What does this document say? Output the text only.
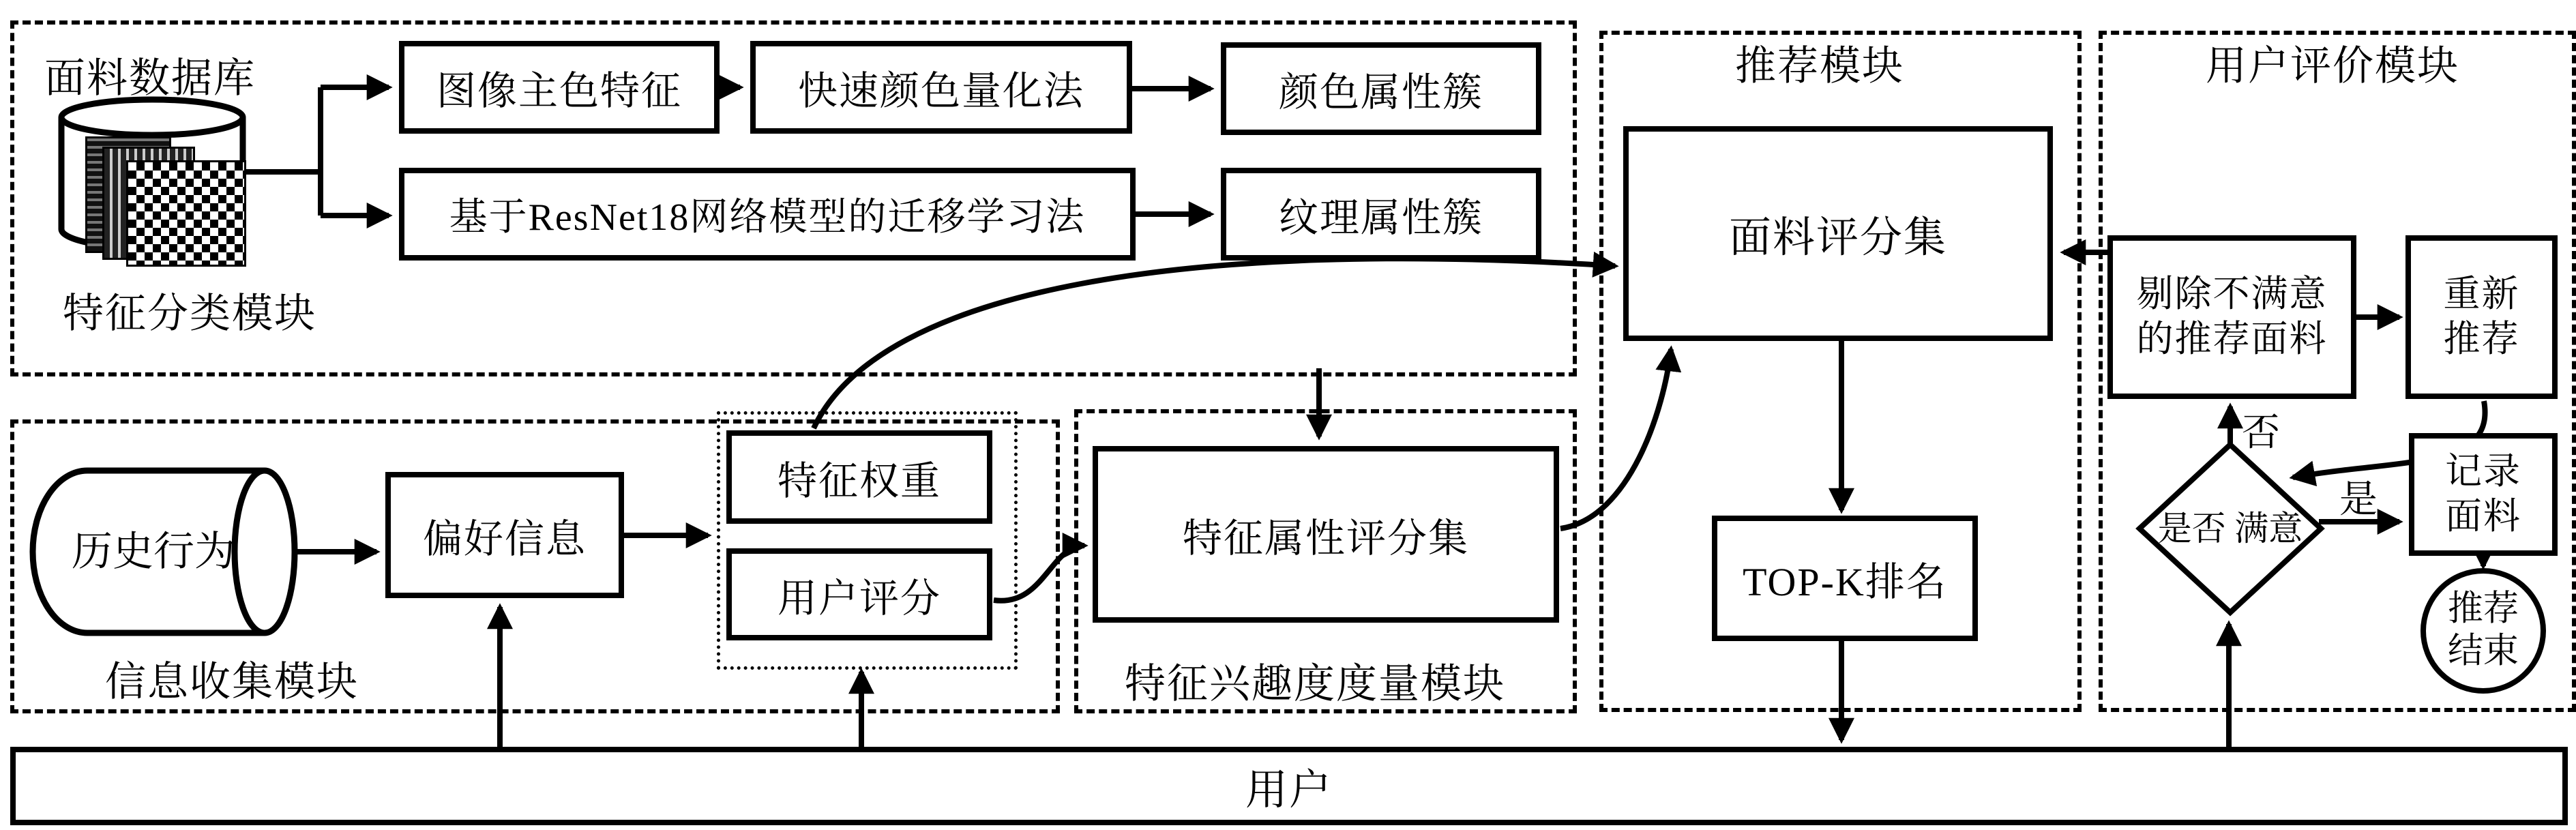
面料数据库
特征分类模块
信息收集模块	特征兴趣度度量模块
推荐模块	用户评价模块
图像主色特征	快速颜色量化法	颜色属性簇
基于ResNet18网络模型的迁移学习法	纹理属性簇
历史行为	偏好信息
特征权重
用户评分
特征属性评分集
面料评分集
TOP-K排名
剔除不满意
的推荐面料
重新
推荐
是否 满意
否
是
记录
面料
推荐 结束
用户
